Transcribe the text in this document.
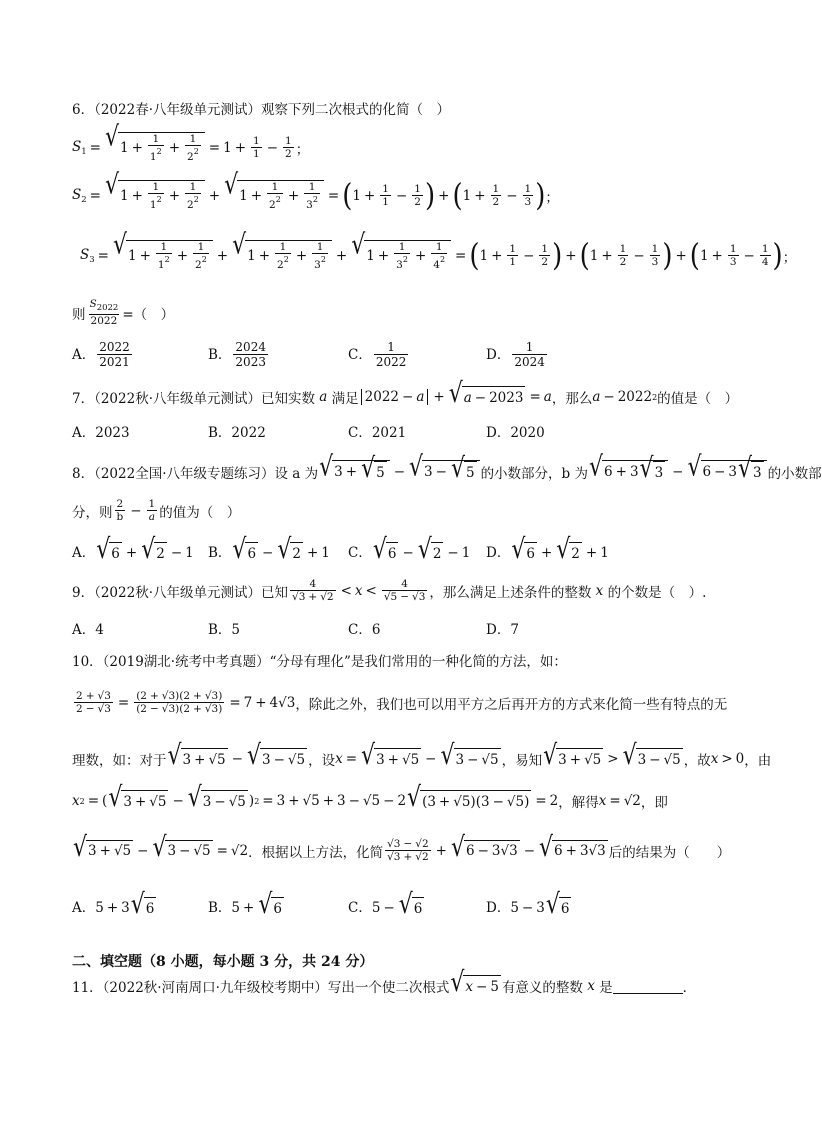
6．（2022春·八年级单元测试）观察下列二次根式的化简（　）
$S_1$ = √ $1 + \frac{1}{1^2} + \frac{1}{2^2} = 1 + \frac{1}{1} - \frac{1}{2}$ ；
$S_2$ = √ $1 + \frac{1}{1^2} + \frac{1}{2^2}$ + √ $1 + \frac{1}{2^2} + \frac{1}{3^2}$ = ( $1 + \frac{1}{1} - \frac{1}{2}$ ) + ( $1 + \frac{1}{2} - \frac{1}{3}$ ) ；
$S_3$ = √ $1 + \frac{1}{1^2} + \frac{1}{2^2}$ + √ $1 + \frac{1}{2^2} + \frac{1}{3^2}$ + √ $1 + \frac{1}{3^2} + \frac{1}{4^2}$ = ( $1 + \frac{1}{1} - \frac{1}{2}$ ) + ( $1 + \frac{1}{2} - \frac{1}{3}$ ) + ( $1 + \frac{1}{3} - \frac{1}{4}$ ) ；
则 $\frac{S_{2022}}{2022}$ =（　）
A． $\frac{2022}{2021}$	B． $\frac{2024}{2023}$	C． $\frac{1}{2022}$	D． $\frac{1}{2024}$
7．（2022秋·八年级单元测试）已知实数 a 满足 2022 − a + √ a − 2023 = a ，那么 a − 2022 2 的值是（　）
A．2023	B．2022	C．2021	D．2020
8．（2022全国·八年级专题练习）设 a 为 √ 3 + √ 5 − √ 3 − √ 5 的小数部分，b 为 √ 6 + 3 √ 3 − √ 6 − 3 √ 3 的小数部
分，则 $\frac{2}{b} - \frac{1}{a}$ 的值为（　）
A． √ 6 + √ 2 − 1 B． √ 6 − √ 2 + 1 C． √ 6 − √ 2 − 1 D． √ 6 + √ 2 + 1
9．（2022秋·八年级单元测试）已知 $\frac{4}{√3 + √2} < x < \frac{4}{√5 - √3}$ ，那么满足上述条件的整数 x 的个数是（　）.
A．4	B．5	C．6	D．7
10．（2019湖北·统考中考真题）“分母有理化”是我们常用的一种化简的方法，如：
$\frac{2 + √3}{2 - √3} = \frac{(2 + √3)(2 + √3)}{(2 - √3)(2 + √3)} = 7 + 4√3$ ，除此之外，我们也可以用平方之后再开方的方式来化简一些有特点的无
理数，如：对于 √ 3 + √5 − √ 3 − √5 ，设 x = √ 3 + √5 − √ 3 − √5 ，易知 √ 3 + √5 > √ 3 − √5 ，故 x > 0 ，由
x 2 = ( √ 3 + √5 − √ 3 − √5 ) 2 = 3 + √5 + 3 − √5 − 2 √ (3 + √5)(3 − √5) = 2 ，解得 x = √2 ，即
√ 3 + √5 − √ 3 − √5 = √2 ．根据以上方法，化简 $\frac{√3 - √2}{√3 + √2}$ + √ 6 − 3√3 − √ 6 + 3√3 后的结果为（　　）
A． 5 + 3 √ 6	B． 5 + √ 6	C． 5 − √ 6	D． 5 − 3 √ 6
二、填空题（8 小题，每小题 3 分，共 24 分）
11．（2022秋·河南周口·九年级校考期中）写出一个使二次根式 √ x − 5 有意义的整数 x 是	．
